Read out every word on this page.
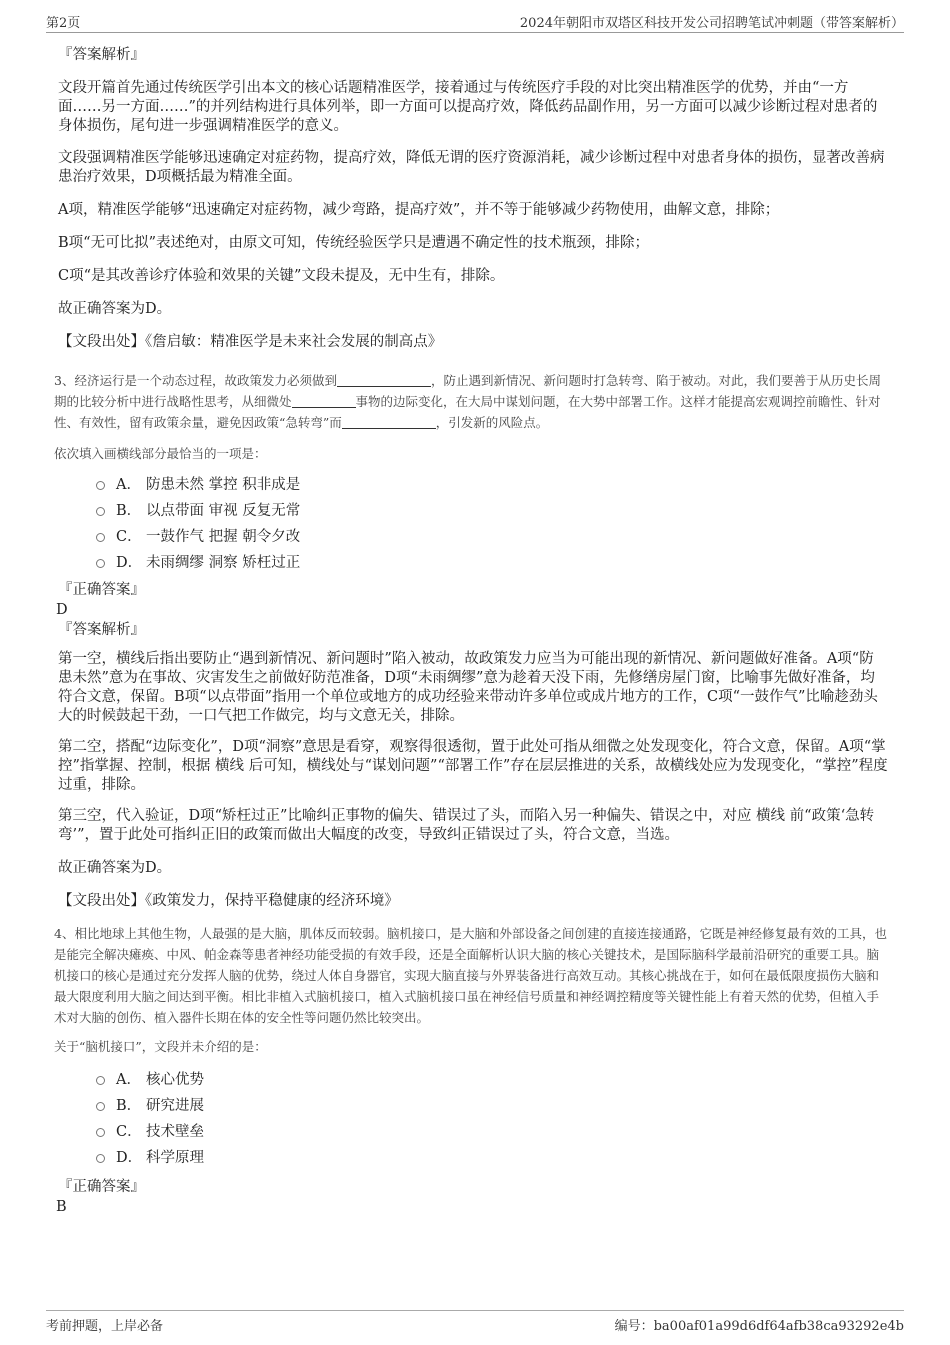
第2页	2024年朝阳市双塔区科技开发公司招聘笔试冲刺题（带答案解析）

『答案解析』

文段开篇首先通过传统医学引出本文的核心话题精准医学，接着通过与传统医疗手段的对比突出精准医学的优势，并由“一方面……另一方面……”的并列结构进行具体列举，即一方面可以提高疗效，降低药品副作用，另一方面可以减少诊断过程对患者的身体损伤，尾句进一步强调精准医学的意义。

文段强调精准医学能够迅速确定对症药物，提高疗效，降低无谓的医疗资源消耗，减少诊断过程中对患者身体的损伤，显著改善病患治疗效果，D项概括最为精准全面。

A项，精准医学能够“迅速确定对症药物，减少弯路，提高疗效”，并不等于能够减少药物使用，曲解文意，排除；

B项“无可比拟”表述绝对，由原文可知，传统经验医学只是遭遇不确定性的技术瓶颈，排除；

C项“是其改善诊疗体验和效果的关键”文段未提及，无中生有，排除。

故正确答案为D。

【文段出处】《詹启敏：精准医学是未来社会发展的制高点》

3、经济运行是一个动态过程，故政策发力必须做到	，防止遇到新情况、新问题时打急转弯、陷于被动。对此，我们要善于从历史长周期的比较分析中进行战略性思考，从细微处	事物的边际变化，在大局中谋划问题，在大势中部署工作。这样才能提高宏观调控前瞻性、针对性、有效性，留有政策余量，避免因政策“急转弯”而	，引发新的风险点。

依次填入画横线部分最恰当的一项是：

A． 防患未然 掌控 积非成是
B． 以点带面 审视 反复无常
C． 一鼓作气 把握 朝令夕改
D． 未雨绸缪 洞察 矫枉过正

『正确答案』

D

『答案解析』

第一空，横线后指出要防止“遇到新情况、新问题时”陷入被动，故政策发力应当为可能出现的新情况、新问题做好准备。A项“防患未然”意为在事故、灾害发生之前做好防范准备，D项“未雨绸缪”意为趁着天没下雨，先修缮房屋门窗，比喻事先做好准备，均符合文意，保留。B项“以点带面”指用一个单位或地方的成功经验来带动许多单位或成片地方的工作，C项“一鼓作气”比喻趁劲头大的时候鼓起干劲，一口气把工作做完，均与文意无关，排除。

第二空，搭配“边际变化”，D项“洞察”意思是看穿，观察得很透彻，置于此处可指从细微之处发现变化，符合文意，保留。A项“掌控”指掌握、控制，根据 横线 后可知，横线处与“谋划问题”“部署工作”存在层层推进的关系，故横线处应为发现变化，“掌控”程度过重，排除。

第三空，代入验证，D项“矫枉过正”比喻纠正事物的偏失、错误过了头，而陷入另一种偏失、错误之中，对应 横线 前“政策‘急转弯’”，置于此处可指纠正旧的政策而做出大幅度的改变，导致纠正错误过了头，符合文意，当选。

故正确答案为D。

【文段出处】《政策发力，保持平稳健康的经济环境》

4、相比地球上其他生物，人最强的是大脑，肌体反而较弱。脑机接口，是大脑和外部设备之间创建的直接连接通路，它既是神经修复最有效的工具，也是能完全解决瘫痪、中风、帕金森等患者神经功能受损的有效手段，还是全面解析认识大脑的核心关键技术，是国际脑科学最前沿研究的重要工具。脑机接口的核心是通过充分发挥人脑的优势，绕过人体自身器官，实现大脑直接与外界装备进行高效互动。其核心挑战在于，如何在最低限度损伤大脑和最大限度利用大脑之间达到平衡。相比非植入式脑机接口，植入式脑机接口虽在神经信号质量和神经调控精度等关键性能上有着天然的优势，但植入手术对大脑的创伤、植入器件长期在体的安全性等问题仍然比较突出。

关于“脑机接口”，文段并未介绍的是：

A． 核心优势
B． 研究进展
C． 技术壁垒
D． 科学原理

『正确答案』

B

考前押题，上岸必备	编号：ba00af01a99d6df64afb38ca93292e4b
